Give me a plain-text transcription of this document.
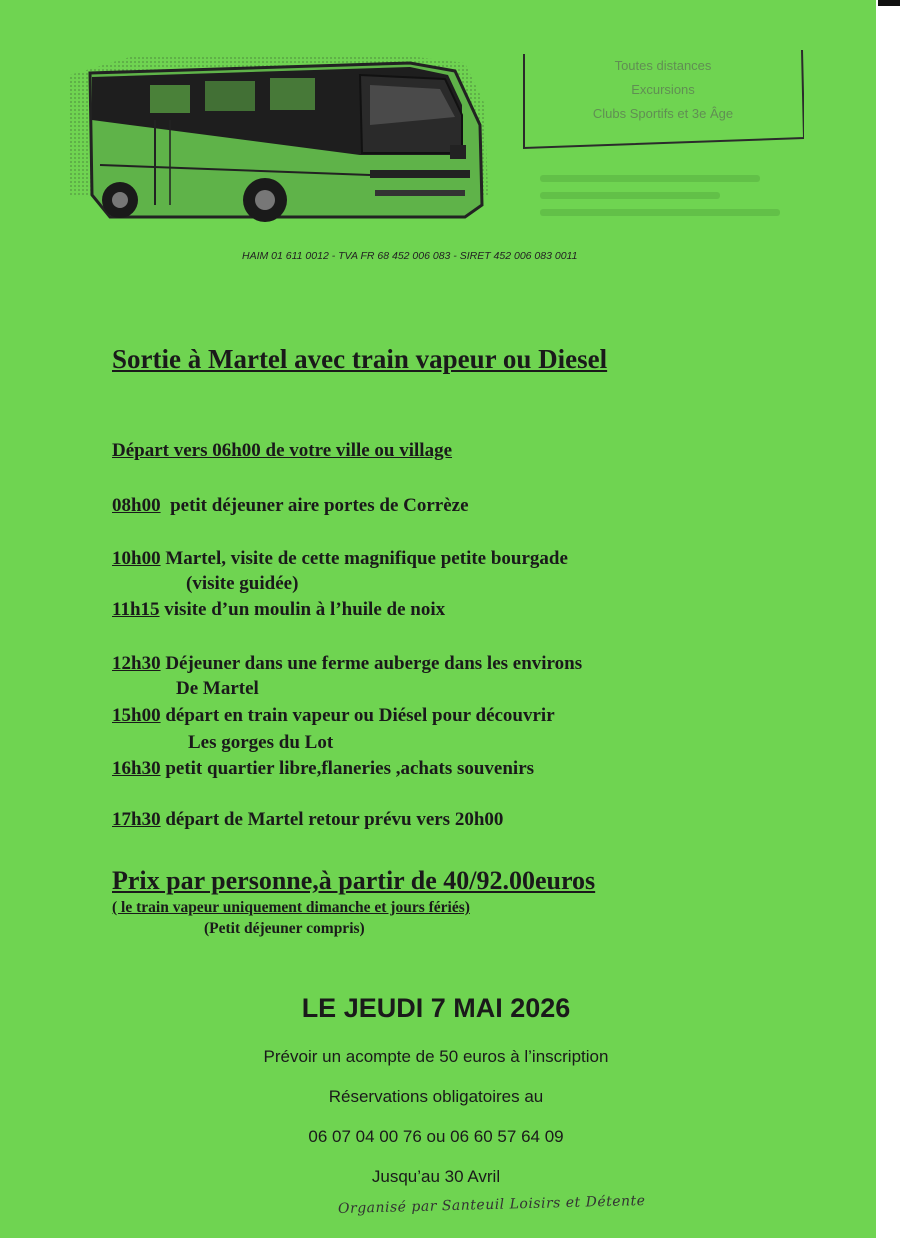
Toutes distances
Excursions
Clubs Sportifs et 3e Âge
HAIM 01 611 0012 - TVA FR 68 452 006 083 - SIRET 452 006 083 0011
Sortie à Martel avec train vapeur ou Diesel
Départ vers 06h00 de votre ville ou village
08h00  petit déjeuner aire portes de Corrèze
10h00 Martel, visite de cette magnifique petite bourgade
(visite guidée)
11h15 visite d’un moulin à l’huile de noix
12h30 Déjeuner dans une ferme auberge dans les environs
De Martel
15h00 départ en train vapeur ou Diésel pour découvrir
Les gorges du Lot
16h30 petit quartier libre,flaneries ,achats souvenirs
17h30 départ de Martel retour prévu vers 20h00
Prix par personne,à partir de 40/92.00euros
( le train vapeur uniquement dimanche et jours fériés)
(Petit déjeuner compris)
LE JEUDI 7 MAI 2026
Prévoir un acompte de 50 euros à l’inscription
Réservations obligatoires au
06 07 04 00 76 ou 06 60 57 64 09
Jusqu’au 30 Avril
Organisé par Santeuil Loisirs et Détente
